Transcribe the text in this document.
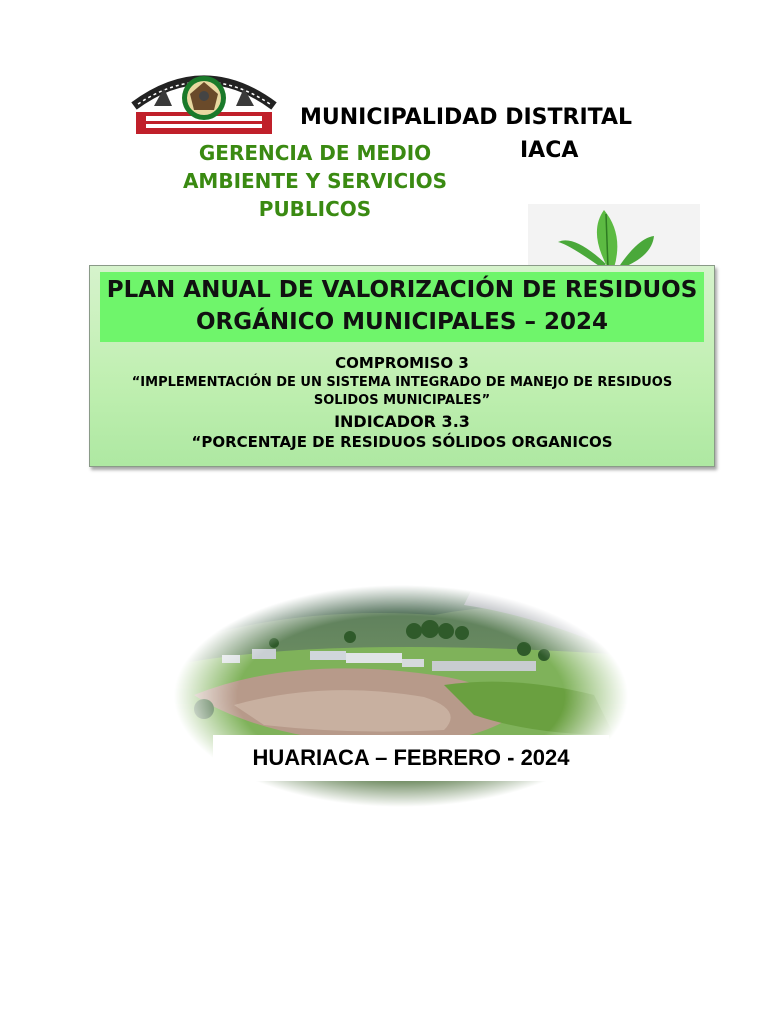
MUNICIPALIDAD DISTRITAL
IACA
GERENCIA DE MEDIO AMBIENTE Y SERVICIOS PUBLICOS
PLAN ANUAL DE VALORIZACIÓN DE RESIDUOS ORGÁNICO MUNICIPALES – 2024
COMPROMISO 3
“IMPLEMENTACIÓN DE UN SISTEMA INTEGRADO DE MANEJO DE RESIDUOS SOLIDOS MUNICIPALES”
INDICADOR 3.3
“PORCENTAJE DE RESIDUOS SÓLIDOS ORGANICOS
HUARIACA – FEBRERO - 2024
